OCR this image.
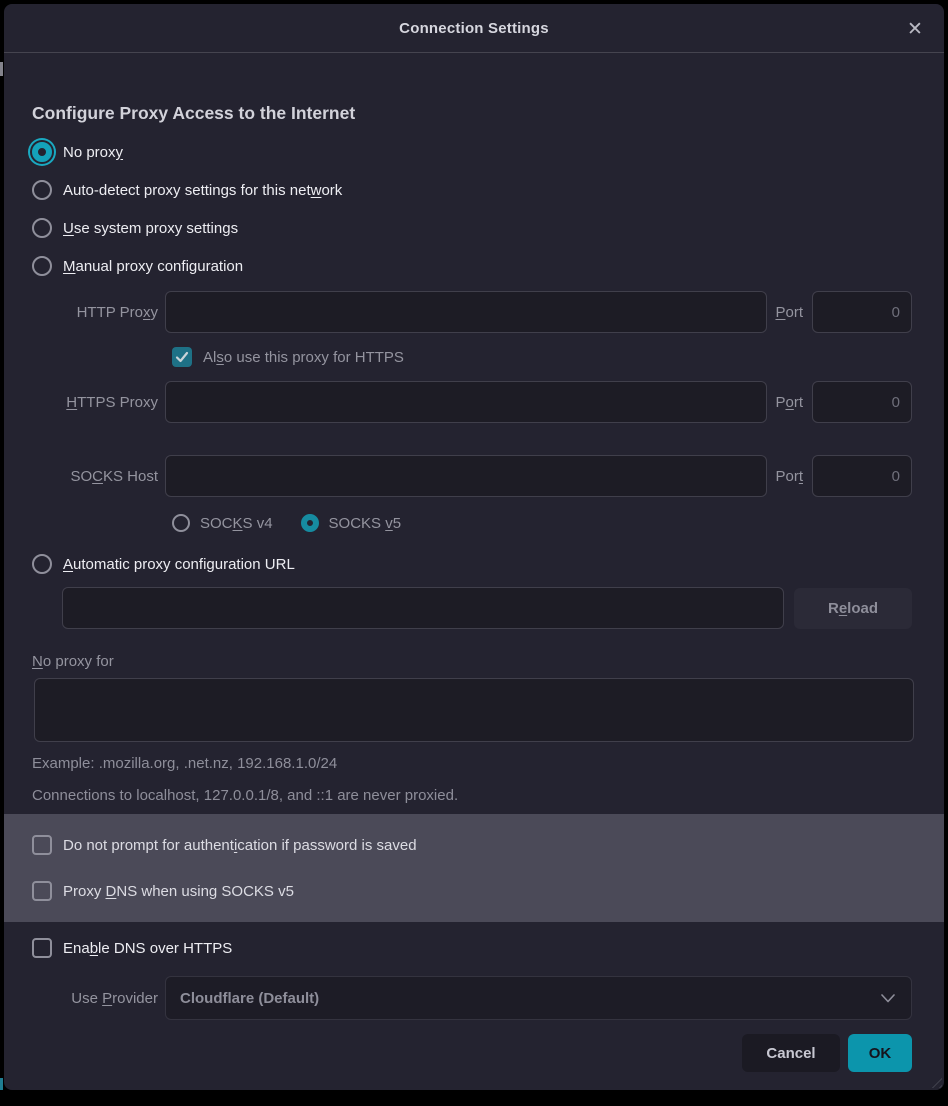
Connection Settings	✕
Configure Proxy Access to the Internet
No proxy
Auto-detect proxy settings for this network
Use system proxy settings
Manual proxy configuration
HTTP Proxy	Port
0
Also use this proxy for HTTPS
HTTPS Proxy	Port
0
SOCKS Host	Port
0
SOCKS v4	SOCKS v5
Automatic proxy configuration URL
Reload
No proxy for
Example: .mozilla.org, .net.nz, 192.168.1.0/24
Connections to localhost, 127.0.0.1/8, and ::1 are never proxied.
Do not prompt for authentication if password is saved
Proxy DNS when using SOCKS v5
Enable DNS over HTTPS
Use Provider	Cloudflare (Default)
Cancel	OK
